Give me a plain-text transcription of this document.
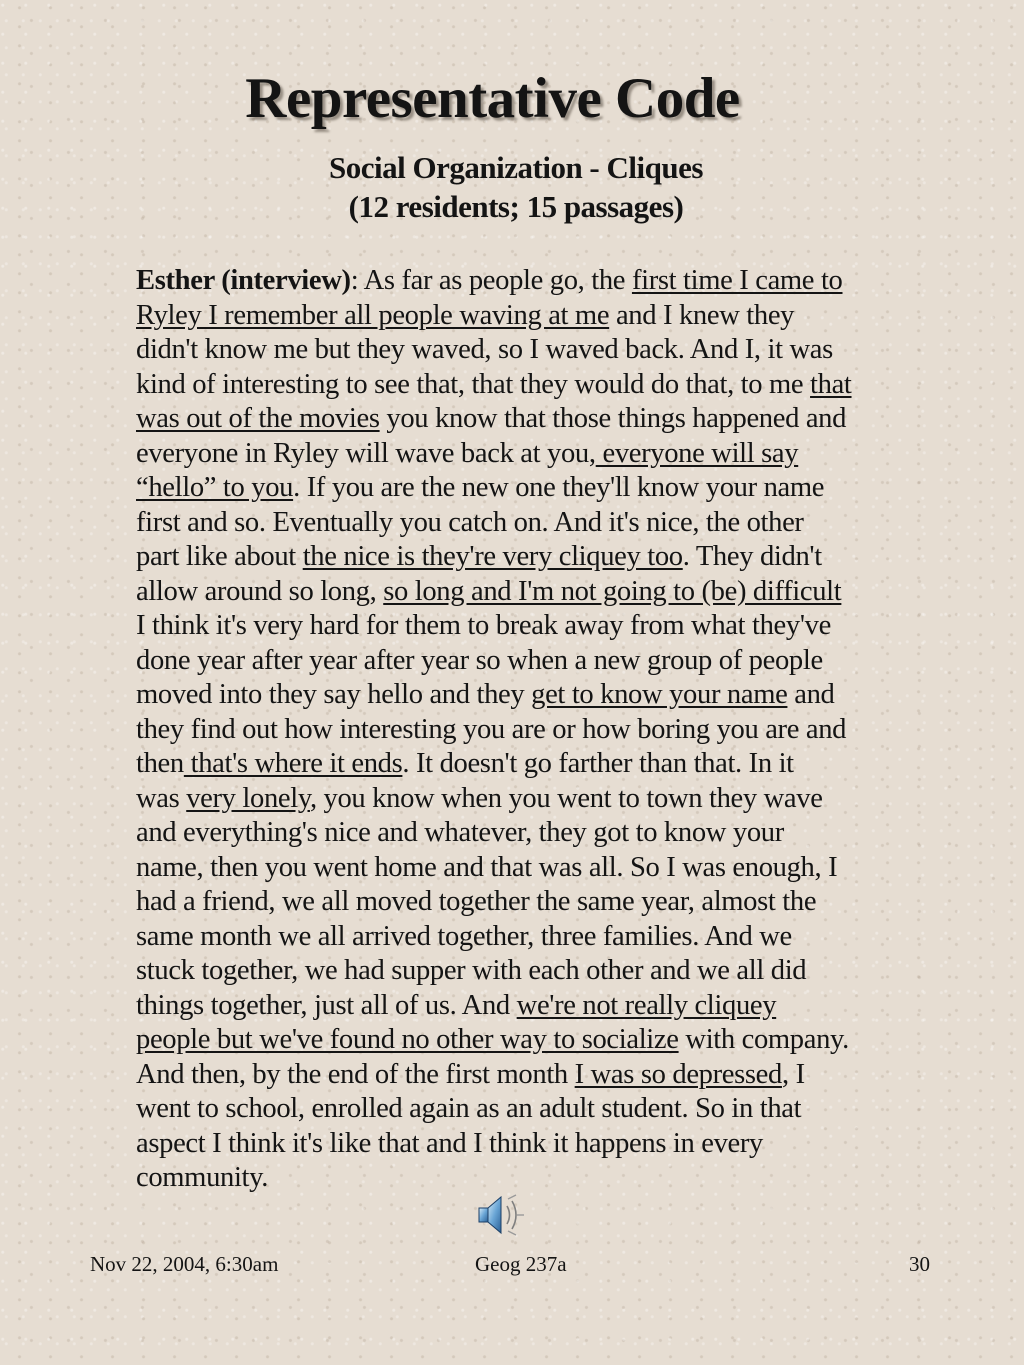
Representative Code

Social Organization - Cliques

(12 residents; 15 passages)

Esther (interview): As far as people go, the first time I came to
Ryley I remember all people waving at me and I knew they
didn't know me but they waved, so I waved back. And I, it was
kind of interesting to see that, that they would do that, to me that
was out of the movies you know that those things happened and
everyone in Ryley will wave back at you, everyone will say
“hello” to you. If you are the new one they'll know your name
first and so. Eventually you catch on. And it's nice, the other
part like about the nice is they're very cliquey too. They didn't
allow around so long, so long and I'm not going to (be) difficult
I think it's very hard for them to break away from what they've
done year after year after year so when a new group of people
moved into they say hello and they get to know your name and
they find out how interesting you are or how boring you are and
then that's where it ends. It doesn't go farther than that. In it
was very lonely, you know when you went to town they wave
and everything's nice and whatever, they got to know your
name, then you went home and that was all. So I was enough, I
had a friend, we all moved together the same year, almost the
same month we all arrived together, three families. And we
stuck together, we had supper with each other and we all did
things together, just all of us. And we're not really cliquey
people but we've found no other way to socialize with company.
And then, by the end of the first month I was so depressed, I
went to school, enrolled again as an adult student. So in that
aspect I think it's like that and I think it happens in every
community.

Nov 22, 2004, 6:30am	Geog 237a	30
